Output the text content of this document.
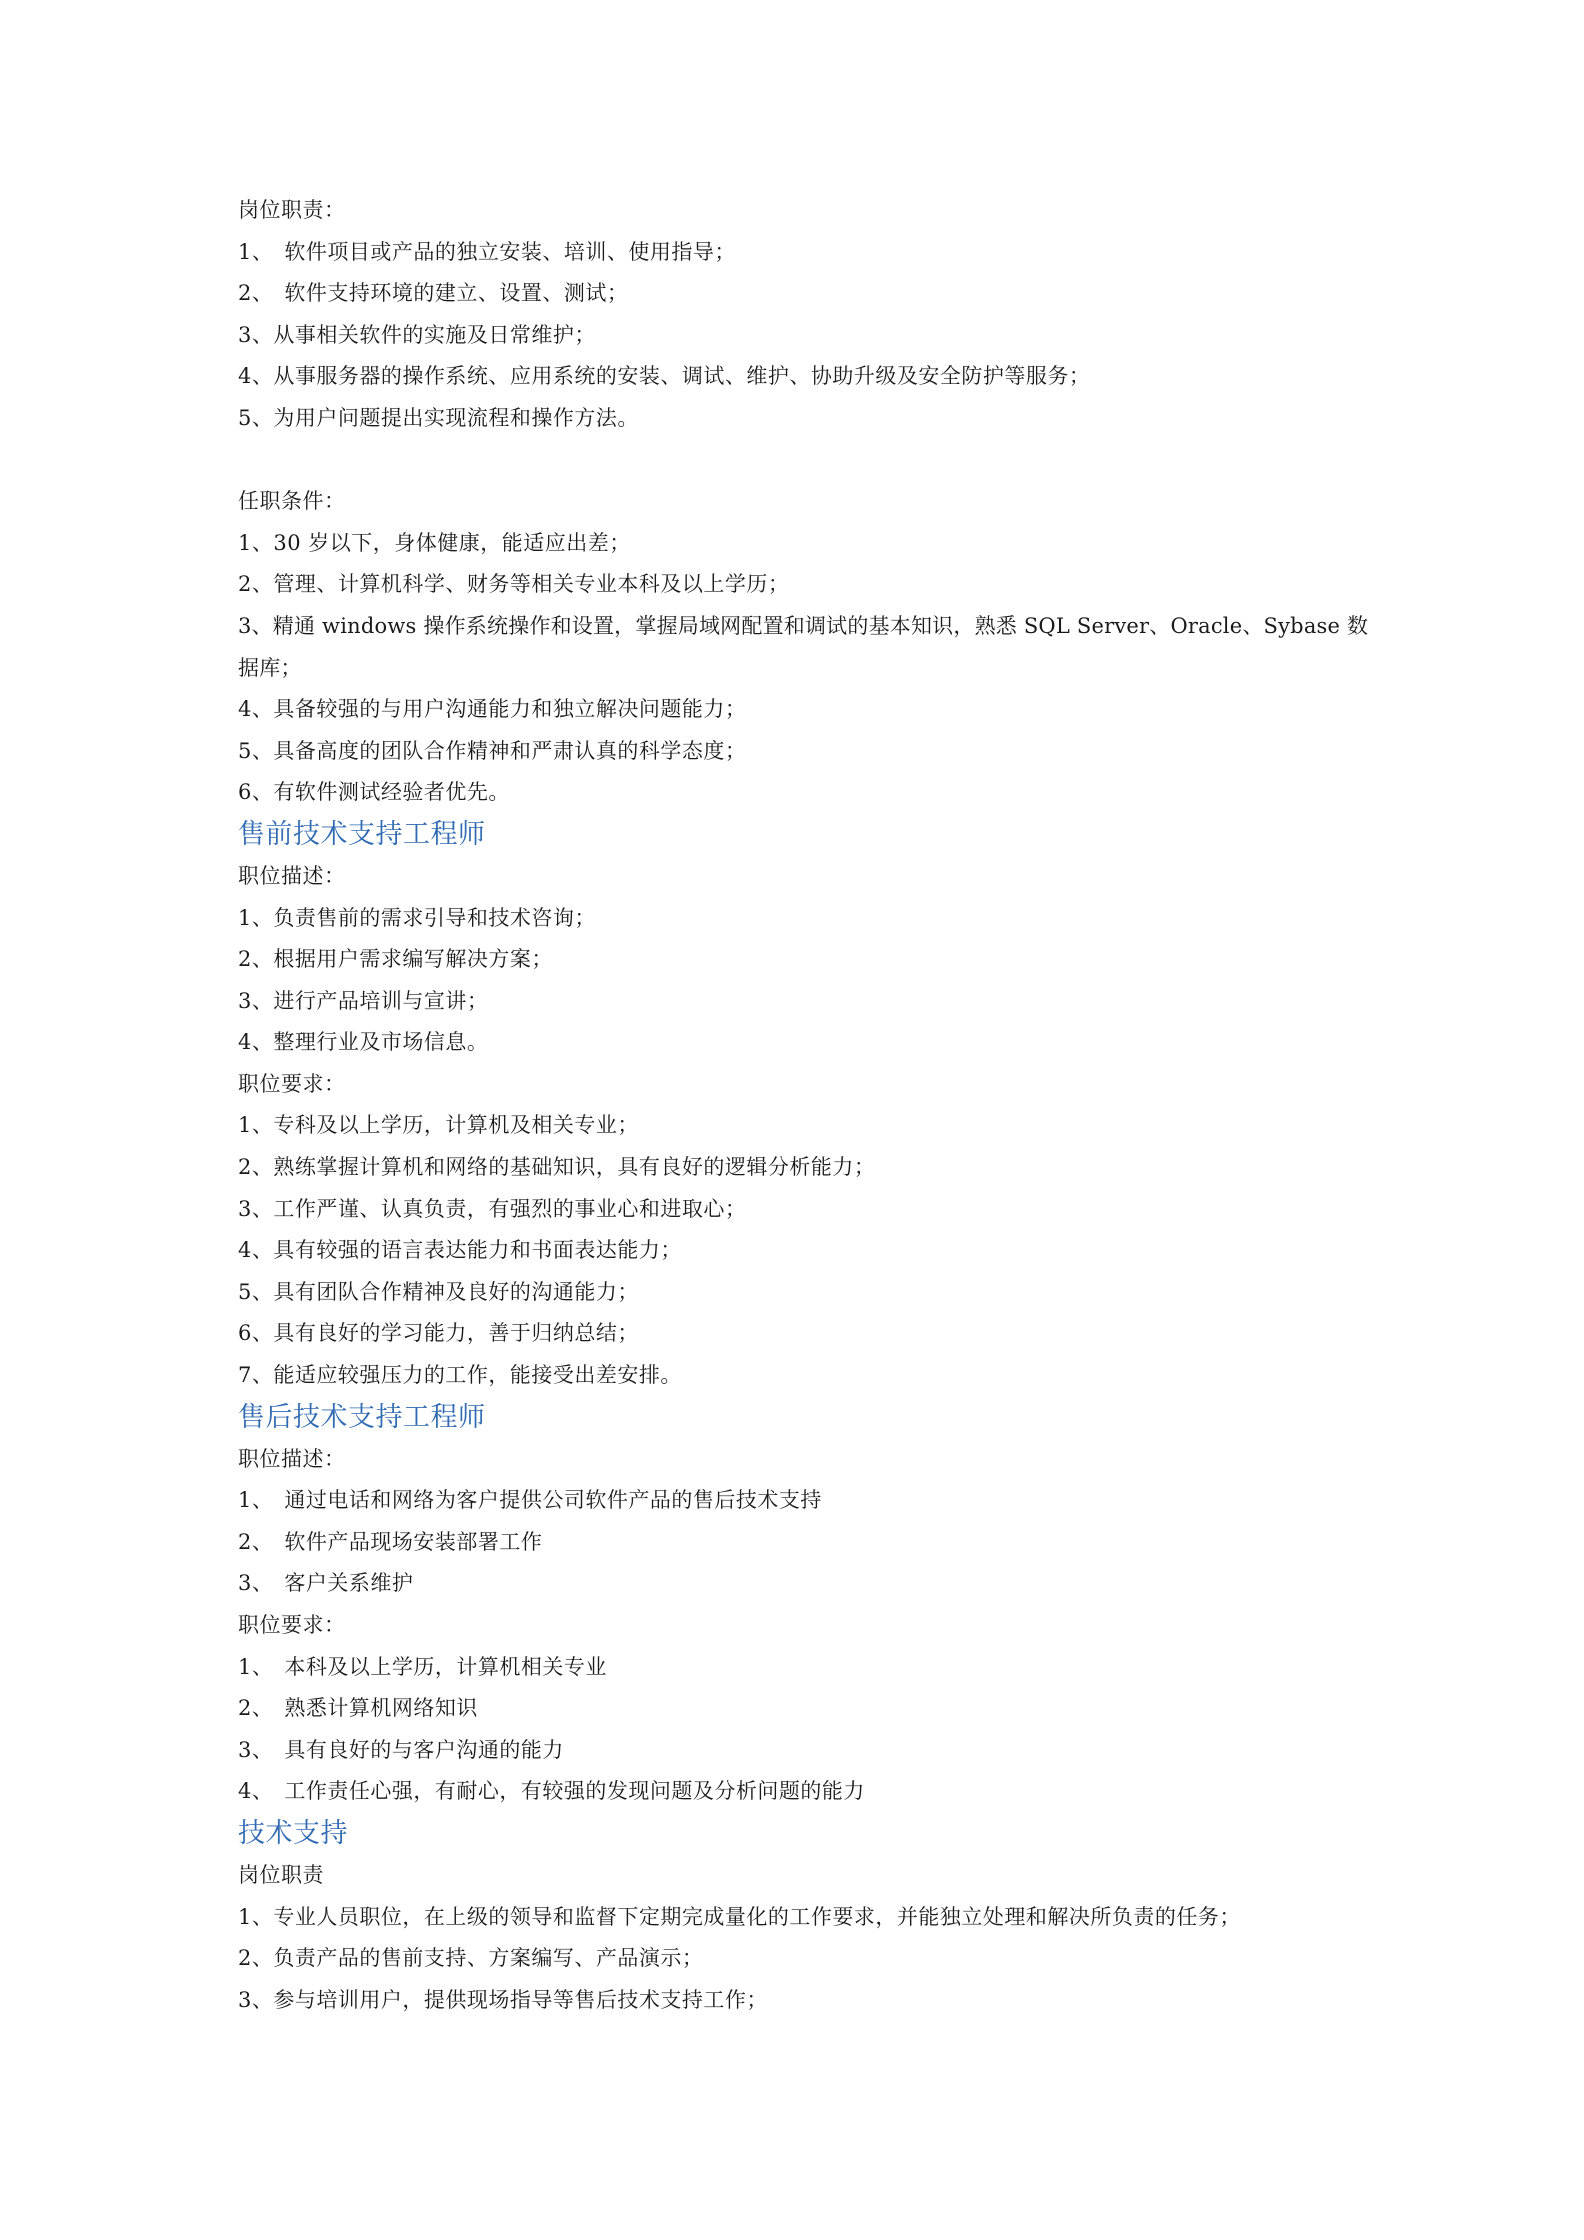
岗位职责：
1、　软件项目或产品的独立安装、培训、使用指导；
2、　软件支持环境的建立、设置、测试；
3、从事相关软件的实施及日常维护；
4、从事服务器的操作系统、应用系统的安装、调试、维护、协助升级及安全防护等服务；
5、为用户问题提出实现流程和操作方法。
任职条件：
1、30 岁以下，身体健康，能适应出差；
2、管理、计算机科学、财务等相关专业本科及以上学历；
3、精通 windows 操作系统操作和设置，掌握局域网配置和调试的基本知识，熟悉 SQL Server、Oracle、Sybase 数据库；
4、具备较强的与用户沟通能力和独立解决问题能力；
5、具备高度的团队合作精神和严肃认真的科学态度；
6、有软件测试经验者优先。
售前技术支持工程师
职位描述：
1、负责售前的需求引导和技术咨询；
2、根据用户需求编写解决方案；
3、进行产品培训与宣讲；
4、整理行业及市场信息。
职位要求：
1、专科及以上学历，计算机及相关专业；
2、熟练掌握计算机和网络的基础知识，具有良好的逻辑分析能力；
3、工作严谨、认真负责，有强烈的事业心和进取心；
4、具有较强的语言表达能力和书面表达能力；
5、具有团队合作精神及良好的沟通能力；
6、具有良好的学习能力，善于归纳总结；
7、能适应较强压力的工作，能接受出差安排。
售后技术支持工程师
职位描述：
1、　通过电话和网络为客户提供公司软件产品的售后技术支持
2、　软件产品现场安装部署工作
3、　客户关系维护
职位要求：
1、　本科及以上学历，计算机相关专业
2、　熟悉计算机网络知识
3、　具有良好的与客户沟通的能力
4、　工作责任心强，有耐心，有较强的发现问题及分析问题的能力
技术支持
岗位职责
1、专业人员职位，在上级的领导和监督下定期完成量化的工作要求，并能独立处理和解决所负责的任务；
2、负责产品的售前支持、方案编写、产品演示；
3、参与培训用户，提供现场指导等售后技术支持工作；
